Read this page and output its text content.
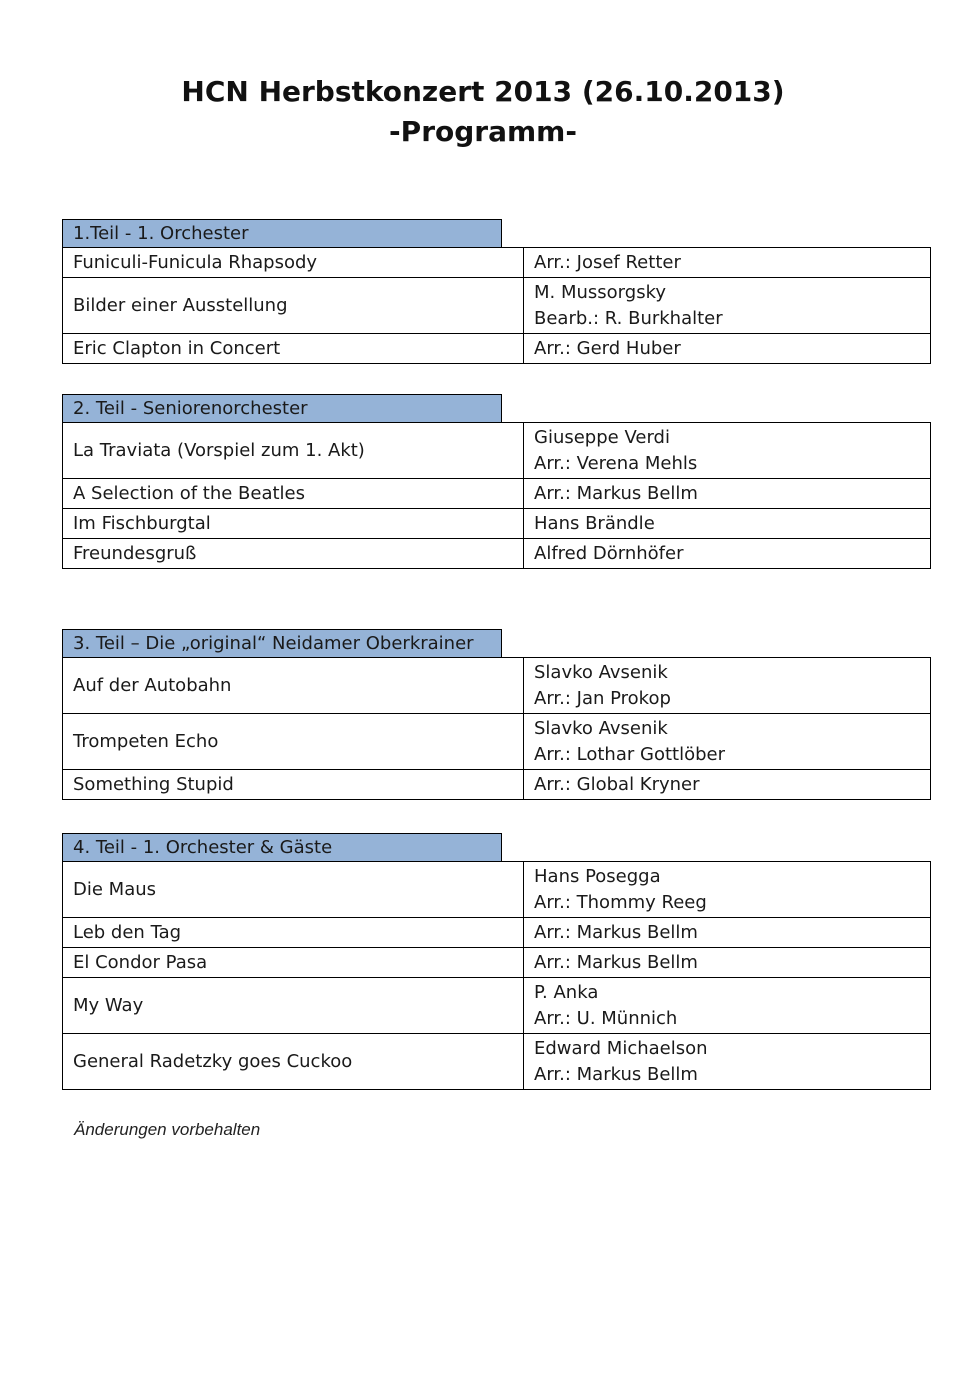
HCN Herbstkonzert 2013 (26.10.2013)
-Programm-
1.Teil - 1. Orchester
Funiculi-Funicula Rhapsody	Arr.: Josef Retter

Bilder einer Ausstellung	M. Mussorgsky
Bearb.: R. Burkhalter

Eric Clapton in Concert	Arr.: Gerd Huber
2. Teil - Seniorenorchester
La Traviata (Vorspiel zum 1. Akt)	Giuseppe Verdi
Arr.: Verena Mehls

A Selection of the Beatles	Arr.: Markus Bellm

Im Fischburgtal	Hans Brändle

Freundesgruß	Alfred Dörnhöfer
3. Teil – Die „original“ Neidamer Oberkrainer
Auf der Autobahn	Slavko Avsenik
Arr.: Jan Prokop

Trompeten Echo	Slavko Avsenik
Arr.: Lothar Gottlöber

Something Stupid	Arr.: Global Kryner
4. Teil - 1. Orchester & Gäste
Die Maus	Hans Posegga
Arr.: Thommy Reeg

Leb den Tag	Arr.: Markus Bellm

El Condor Pasa	Arr.: Markus Bellm

My Way	P. Anka
Arr.: U. Münnich

General Radetzky goes Cuckoo	Edward Michaelson
Arr.: Markus Bellm
Änderungen vorbehalten
